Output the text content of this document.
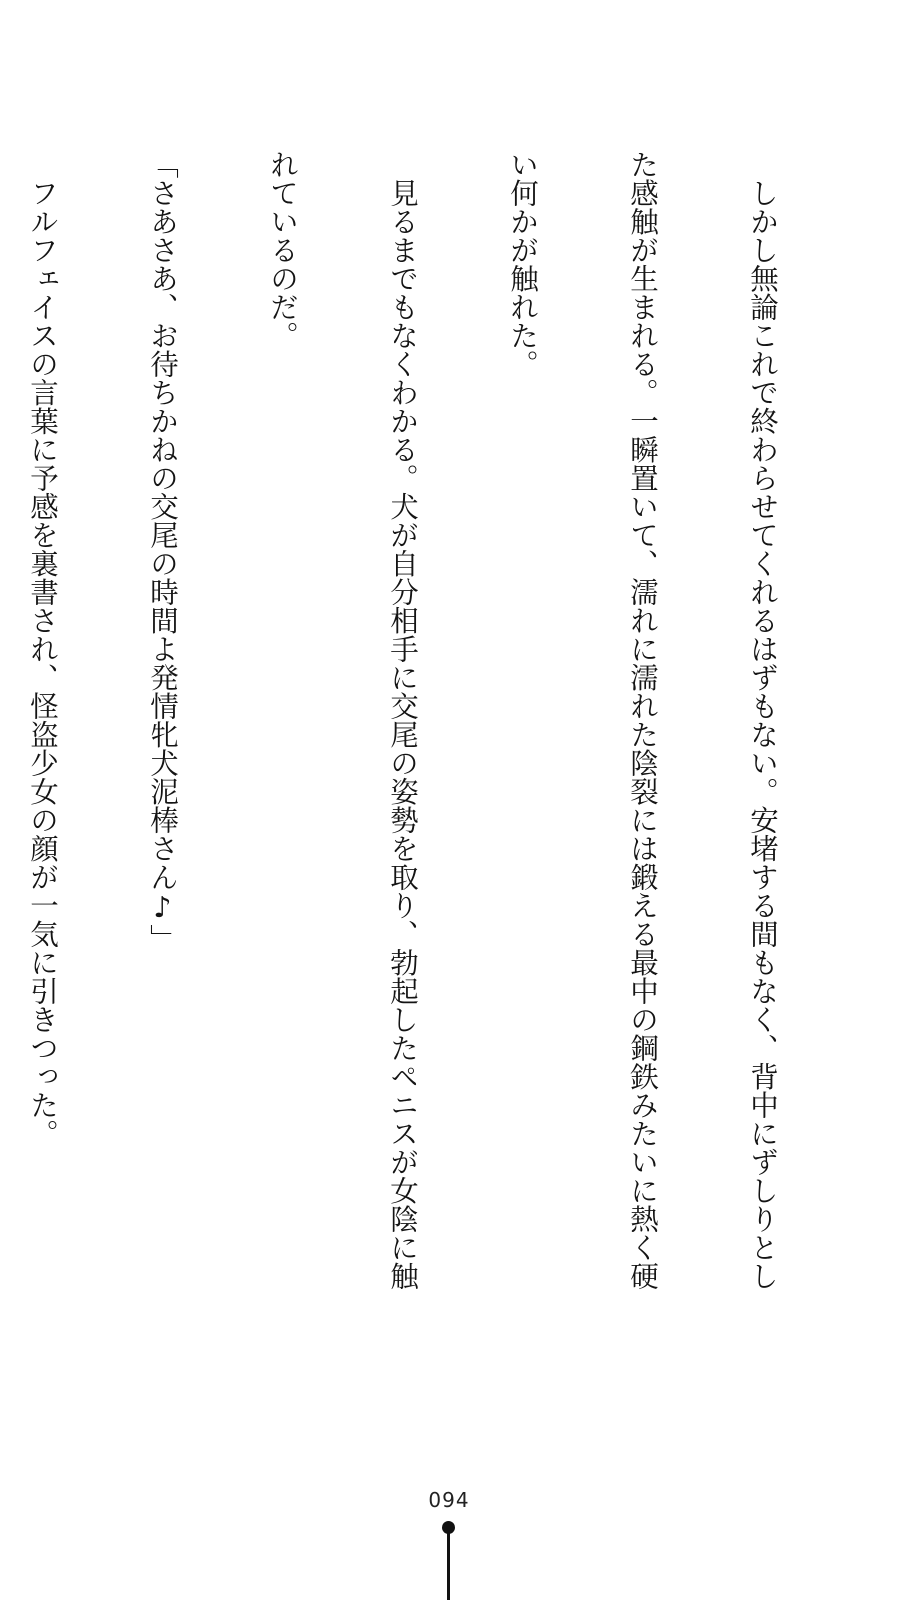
　しかし無論これで終わらせてくれるはずもない。安堵する間もなく、背中にずしりとし

た感触が生まれる。一瞬置いて、濡れに濡れた陰裂には鍛える最中の鋼鉄みたいに熱く硬

い何かが触れた。

　見るまでもなくわかる。犬が自分相手に交尾の姿勢を取り、勃起したペニスが女陰に触

れているのだ。

「さあさあ、お待ちかねの交尾の時間よ発情牝犬泥棒さん♪」

　フルフェイスの言葉に予感を裏書され、怪盗少女の顔が一気に引きつった。

094
